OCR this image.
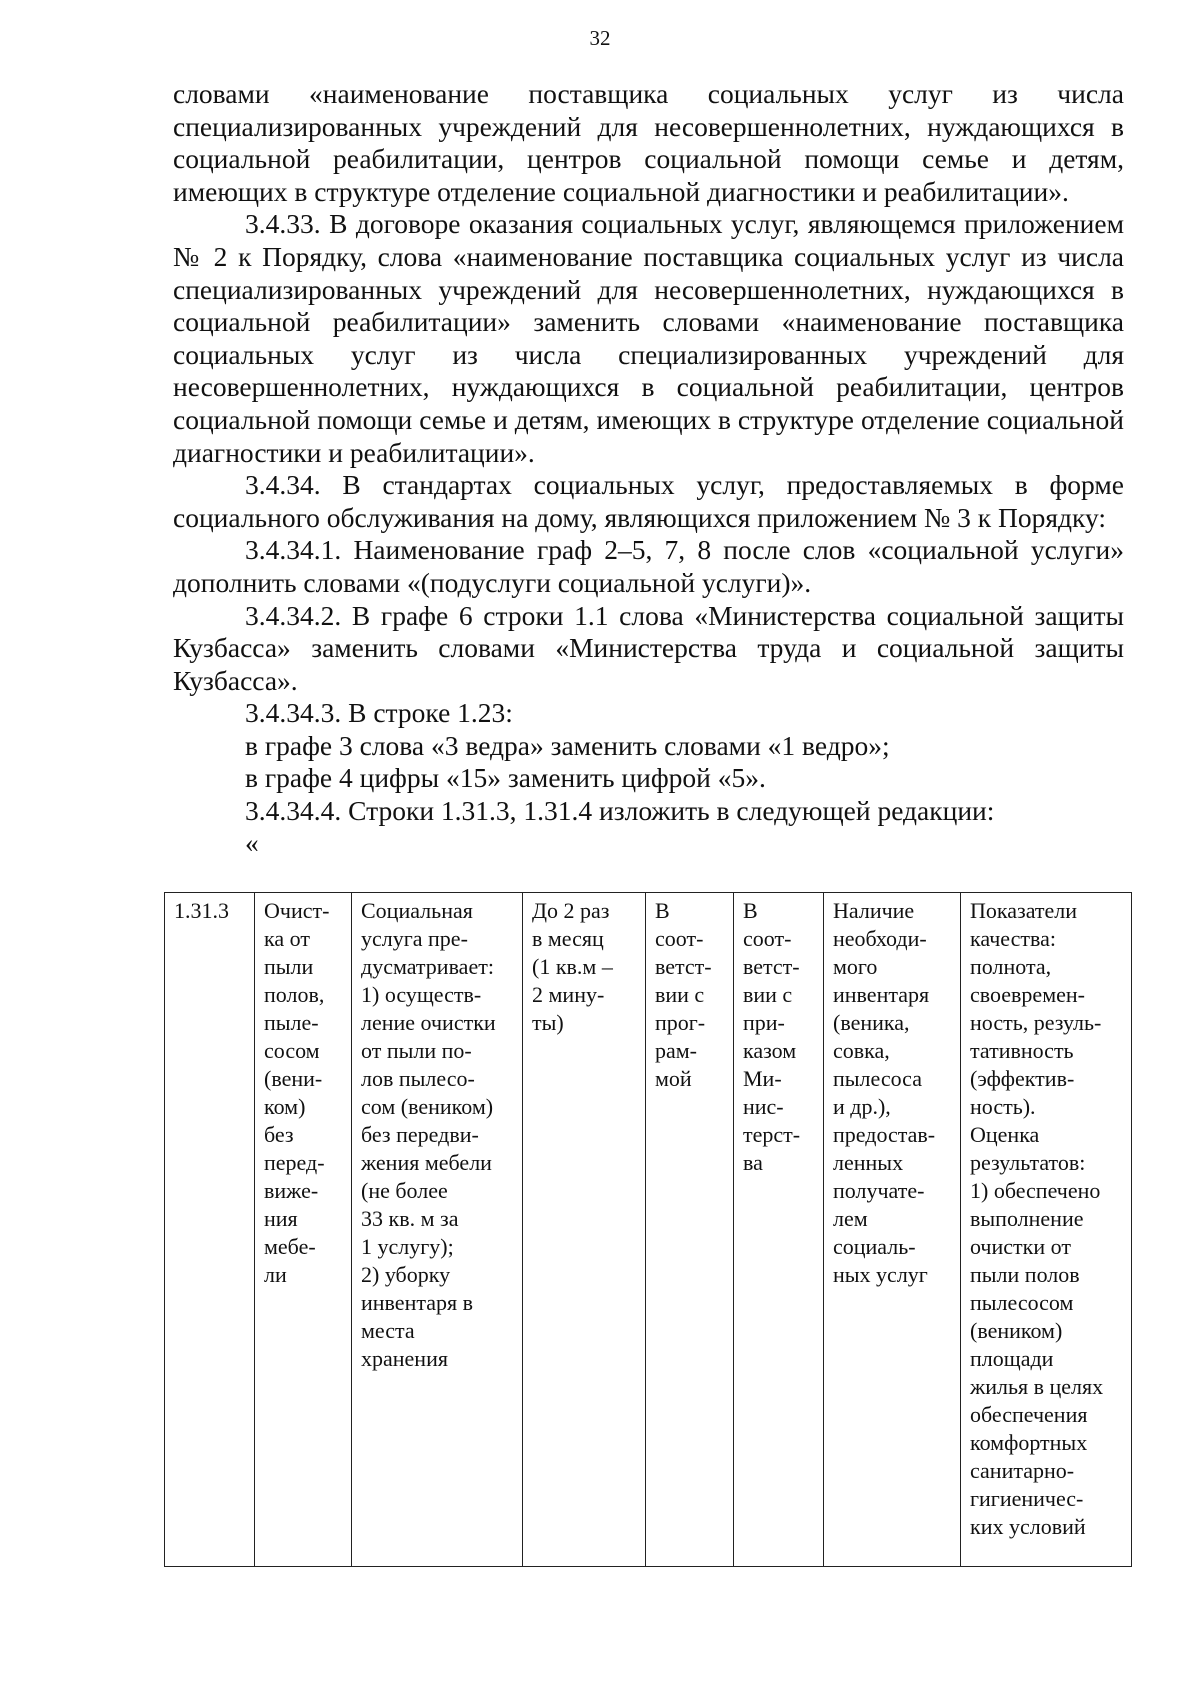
32

словами «наименование поставщика социальных услуг из числа специализированных учреждений для несовершеннолетних, нуждающихся в социальной реабилитации, центров социальной помощи семье и детям, имеющих в структуре отделение социальной диагностики и реабилитации».

3.4.33. В договоре оказания социальных услуг, являющемся приложением № 2 к Порядку, слова «наименование поставщика социальных услуг из числа специализированных учреждений для несовершеннолетних, нуждающихся в социальной реабилитации» заменить словами «наименование поставщика социальных услуг из числа специализированных учреждений для несовершеннолетних, нуждающихся в социальной реабилитации, центров социальной помощи семье и детям, имеющих в структуре отделение социальной диагностики и реабилитации».

3.4.34. В стандартах социальных услуг, предоставляемых в форме социального обслуживания на дому, являющихся приложением № 3 к Порядку:

3.4.34.1. Наименование граф 2–5, 7, 8 после слов «социальной услуги» дополнить словами «(подуслуги социальной услуги)».

3.4.34.2. В графе 6 строки 1.1 слова «Министерства социальной защиты Кузбасса» заменить словами «Министерства труда и социальной защиты Кузбасса».

3.4.34.3. В строке 1.23:

в графе 3 слова «3 ведра» заменить словами «1 ведро»;

в графе 4 цифры «15» заменить цифрой «5».

3.4.34.4. Строки 1.31.3, 1.31.4 изложить в следующей редакции:

«

1.31.3	Очист-
ка от
пыли
полов,
пыле-
сосом
(вени-
ком)
без
перед-
виже-
ния
мебе-
ли	Социальная
услуга пре-
дусматривает:
1) осуществ-
ление очистки
от пыли по-
лов пылесо-
сом (веником)
без передви-
жения мебели
(не более
33 кв. м за
1 услугу);
2) уборку
инвентаря в
места
хранения	До 2 раз
в месяц
(1 кв.м –
2 мину-
ты)	В
соот-
ветст-
вии с
прог-
рам-
мой	В
соот-
ветст-
вии с
при-
казом
Ми-
нис-
терст-
ва	Наличие
необходи-
мого
инвентаря
(веника,
совка,
пылесоса
и др.),
предостав-
ленных
получате-
лем
социаль-
ных услуг	Показатели
качества:
полнота,
своевремен-
ность, резуль-
тативность
(эффектив-
ность).
Оценка
результатов:
1) обеспечено
выполнение
очистки от
пыли полов
пылесосом
(веником)
площади
жилья в целях
обеспечения
комфортных
санитарно-
гигиеничес-
ких условий
